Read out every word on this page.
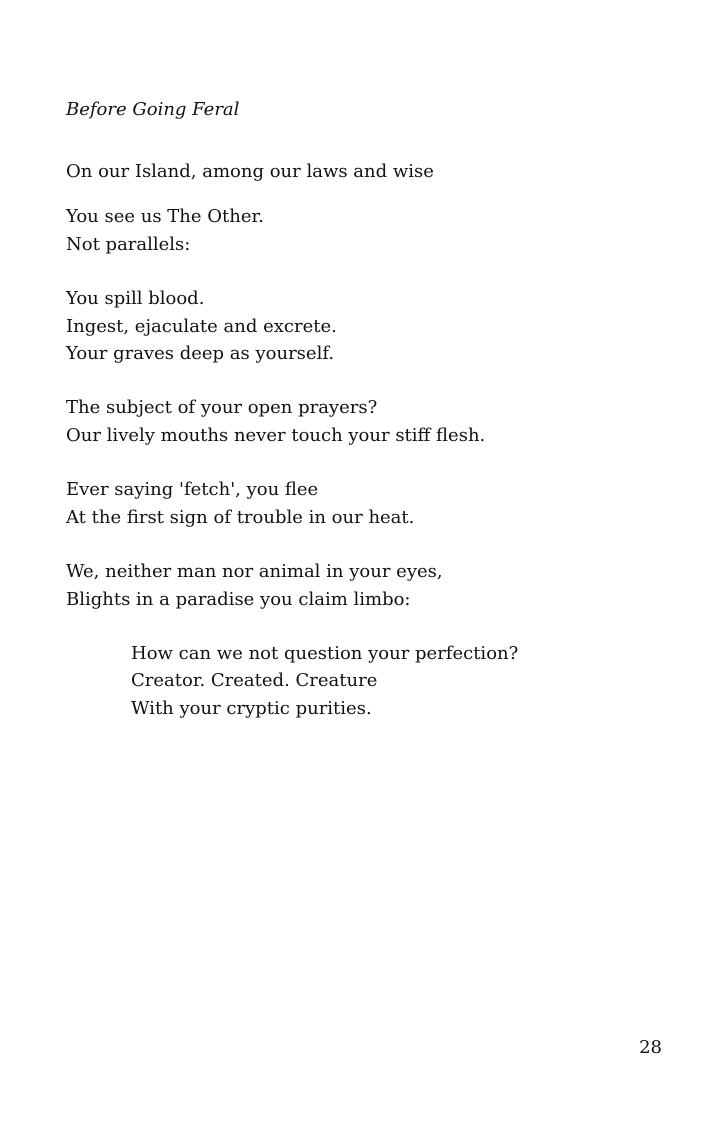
Before Going Feral
On our Island, among our laws and wise
You see us The Other.
Not parallels:
You spill blood.
Ingest, ejaculate and excrete.
Your graves deep as yourself.
The subject of your open prayers?
Our lively mouths never touch your stiff flesh.
Ever saying 'fetch', you flee
At the first sign of trouble in our heat.
We, neither man nor animal in your eyes,
Blights in a paradise you claim limbo:
How can we not question your perfection?
Creator. Created. Creature
With your cryptic purities.
28
